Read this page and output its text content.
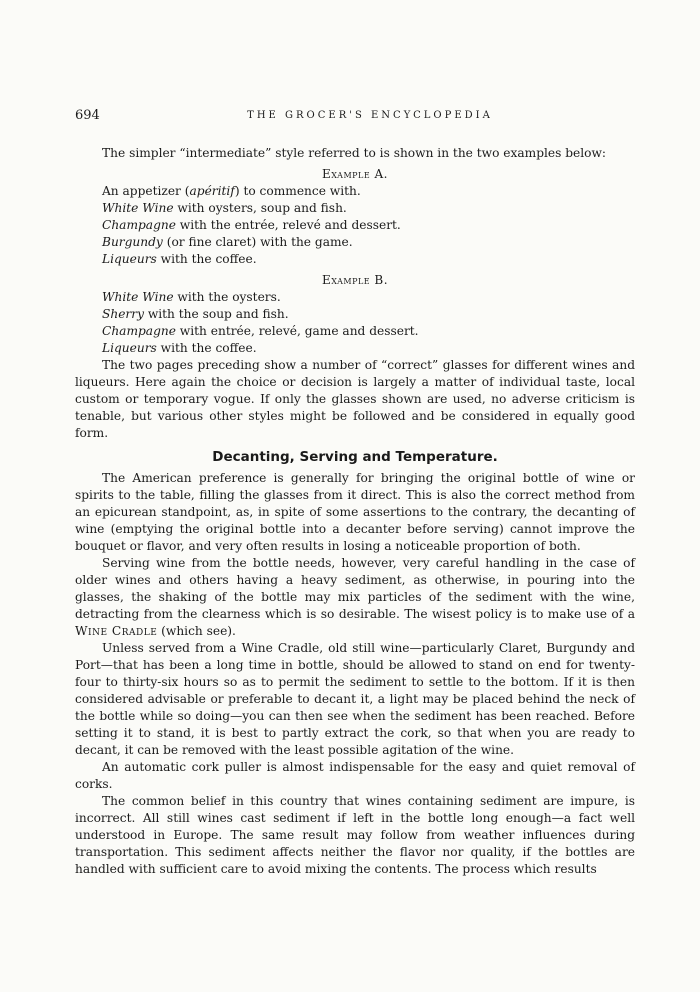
694	THE GROCER'S ENCYCLOPEDIA
The simpler “intermediate” style referred to is shown in the two examples below:
Example A.
An appetizer (apéritif) to commence with.
White Wine with oysters, soup and fish.
Champagne with the entrée, relevé and dessert.
Burgundy (or fine claret) with the game.
Liqueurs with the coffee.
Example B.
White Wine with the oysters.
Sherry with the soup and fish.
Champagne with entrée, relevé, game and dessert.
Liqueurs with the coffee.

The two pages preceding show a number of “correct” glasses for different wines and liqueurs. Here again the choice or decision is largely a matter of individual taste, local custom or temporary vogue. If only the glasses shown are used, no adverse criticism is tenable, but various other styles might be followed and be considered in equally good form.

Decanting, Serving and Temperature.

The American preference is generally for bringing the original bottle of wine or spirits to the table, filling the glasses from it direct. This is also the correct method from an epicurean standpoint, as, in spite of some assertions to the contrary, the decanting of wine (emptying the original bottle into a decanter before serving) cannot improve the bouquet or flavor, and very often results in losing a noticeable proportion of both.

Serving wine from the bottle needs, however, very careful handling in the case of older wines and others having a heavy sediment, as otherwise, in pouring into the glasses, the shaking of the bottle may mix particles of the sediment with the wine, detracting from the clearness which is so desirable. The wisest policy is to make use of a Wine Cradle (which see).

Unless served from a Wine Cradle, old still wine—particularly Claret, Burgundy and Port—that has been a long time in bottle, should be allowed to stand on end for twenty-four to thirty-six hours so as to permit the sediment to settle to the bottom. If it is then considered advisable or preferable to decant it, a light may be placed behind the neck of the bottle while so doing—you can then see when the sediment has been reached. Before setting it to stand, it is best to partly extract the cork, so that when you are ready to decant, it can be removed with the least possible agitation of the wine.

An automatic cork puller is almost indispensable for the easy and quiet removal of corks.

The common belief in this country that wines containing sediment are impure, is incorrect. All still wines cast sediment if left in the bottle long enough—a fact well understood in Europe. The same result may follow from weather influences during transportation. This sediment affects neither the flavor nor quality, if the bottles are handled with sufficient care to avoid mixing the contents. The process which results
